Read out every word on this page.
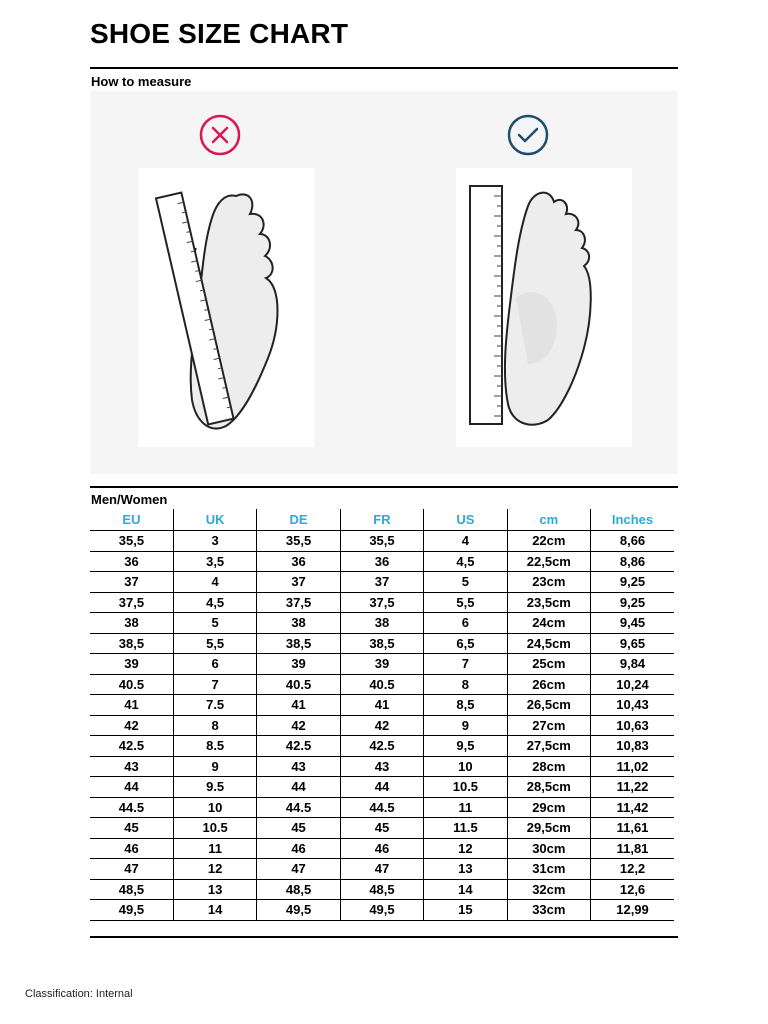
SHOE SIZE CHART
How to measure
Men/Women
EU	UK	DE	FR	US	cm	Inches
35,5	3	35,5	35,5	4	22cm	8,66
36	3,5	36	36	4,5	22,5cm	8,86
37	4	37	37	5	23cm	9,25
37,5	4,5	37,5	37,5	5,5	23,5cm	9,25
38	5	38	38	6	24cm	9,45
38,5	5,5	38,5	38,5	6,5	24,5cm	9,65
39	6	39	39	7	25cm	9,84
40.5	7	40.5	40.5	8	26cm	10,24
41	7.5	41	41	8,5	26,5cm	10,43
42	8	42	42	9	27cm	10,63
42.5	8.5	42.5	42.5	9,5	27,5cm	10,83
43	9	43	43	10	28cm	11,02
44	9.5	44	44	10.5	28,5cm	11,22
44.5	10	44.5	44.5	11	29cm	11,42
45	10.5	45	45	11.5	29,5cm	11,61
46	11	46	46	12	30cm	11,81
47	12	47	47	13	31cm	12,2
48,5	13	48,5	48,5	14	32cm	12,6
49,5	14	49,5	49,5	15	33cm	12,99
Classification: Internal
